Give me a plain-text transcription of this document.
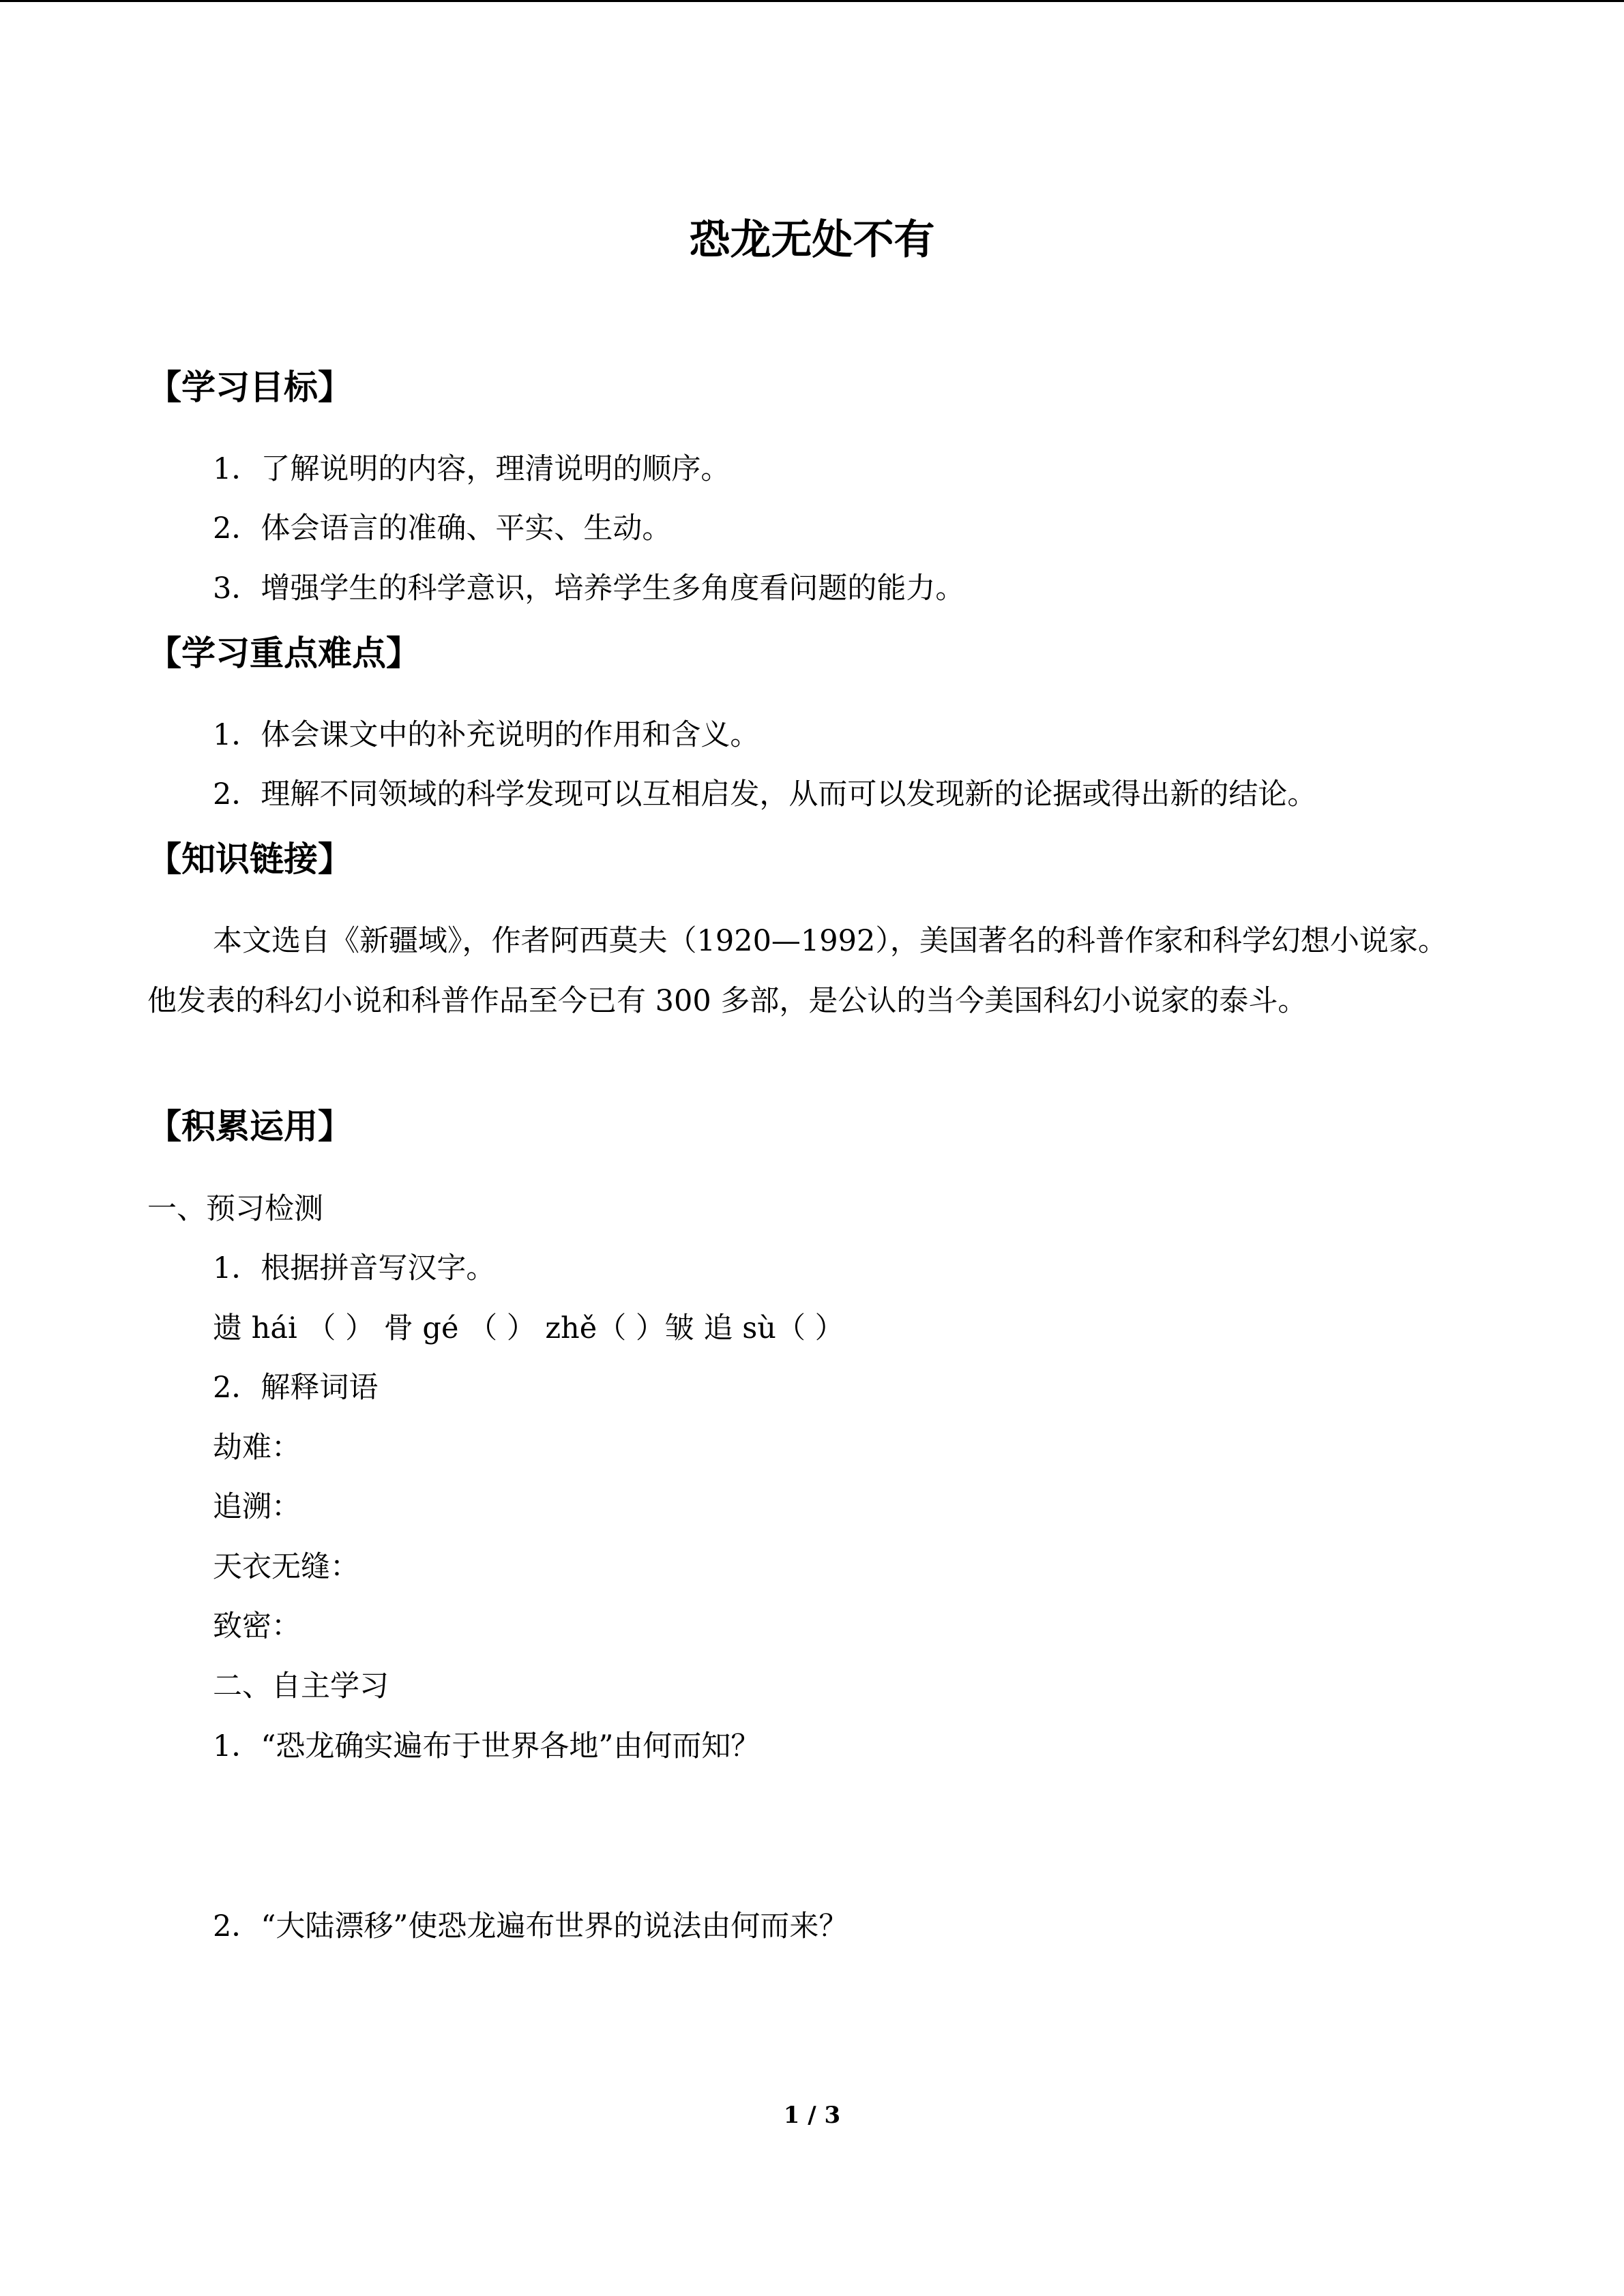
恐龙无处不有
【学习目标】
1．了解说明的内容，理清说明的顺序。
2．体会语言的准确、平实、生动。
3．增强学生的科学意识，培养学生多角度看问题的能力。
【学习重点难点】
1．体会课文中的补充说明的作用和含义。
2．理解不同领域的科学发现可以互相启发，从而可以发现新的论据或得出新的结论。
【知识链接】
本文选自《新疆域》，作者阿西莫夫（1920—1992），美国著名的科普作家和科学幻想小说家。他发表的科幻小说和科普作品至今已有 300 多部，是公认的当今美国科幻小说家的泰斗。
【积累运用】
一、预习检测
1．根据拼音写汉字。
遗 hái （ ） 骨 gé （ ） zhě（ ）皱 追 sù（ ）
2．解释词语
劫难：
追溯：
天衣无缝：
致密：
二、自主学习
1．“恐龙确实遍布于世界各地”由何而知？
2．“大陆漂移”使恐龙遍布世界的说法由何而来？
1 / 3
